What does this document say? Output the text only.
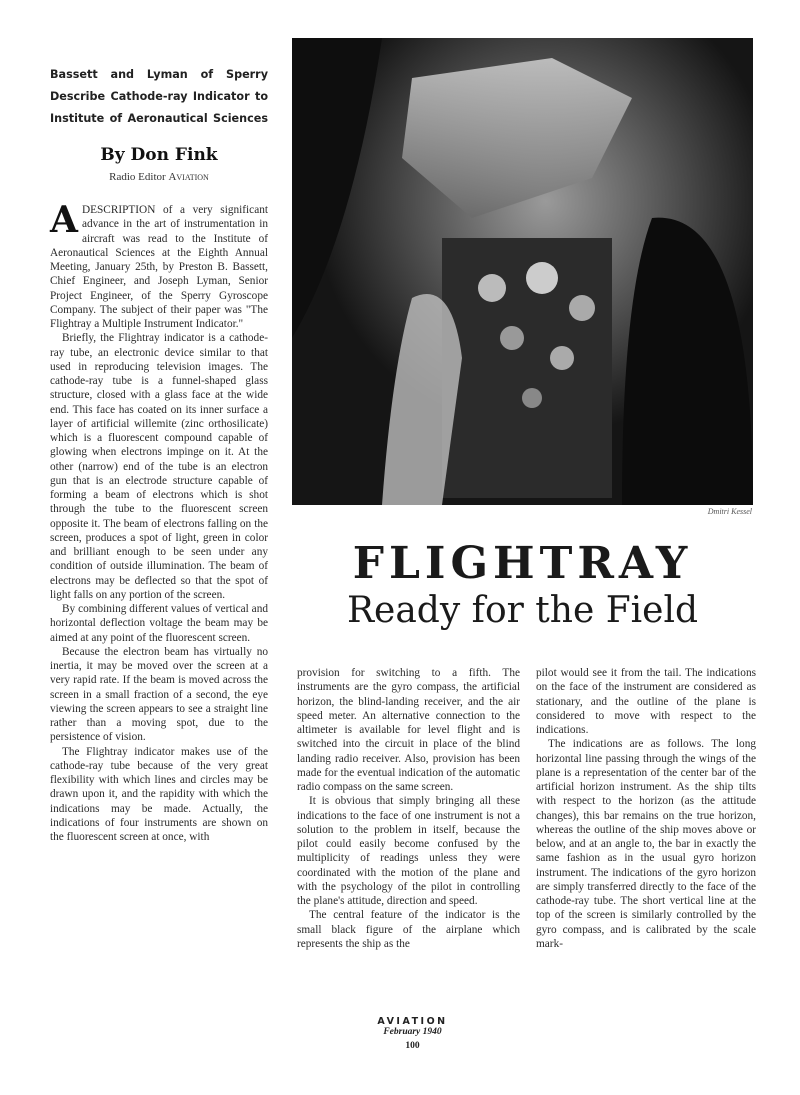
Bassett and Lyman of Sperry Describe Cathode-ray Indicator to Institute of Aeronautical Sciences
By Don Fink
Radio Editor Aviation
A DESCRIPTION of a very significant advance in the art of instrumentation in aircraft was read to the Institute of Aeronautical Sciences at the Eighth Annual Meeting, January 25th, by Preston B. Bassett, Chief Engineer, and Joseph Lyman, Senior Project Engineer, of the Sperry Gyroscope Company. The subject of their paper was "The Flightray a Multiple Instrument Indicator."

Briefly, the Flightray indicator is a cathode-ray tube, an electronic device similar to that used in reproducing television images. The cathode-ray tube is a funnel-shaped glass structure, closed with a glass face at the wide end. This face has coated on its inner surface a layer of artificial willemite (zinc orthosilicate) which is a fluorescent compound capable of glowing when electrons impinge on it. At the other (narrow) end of the tube is an electron gun that is an electrode structure capable of forming a beam of electrons which is shot through the tube to the fluorescent screen opposite it. The beam of electrons falling on the screen, produces a spot of light, green in color and brilliant enough to be seen under any condition of outside illumination. The beam of electrons may be deflected so that the spot of light falls on any portion of the screen.

By combining different values of vertical and horizontal deflection voltage the beam may be aimed at any point of the fluorescent screen.

Because the electron beam has virtually no inertia, it may be moved over the screen at a very rapid rate. If the beam is moved across the screen in a small fraction of a second, the eye viewing the screen appears to see a straight line rather than a moving spot, due to the persistence of vision.

The Flightray indicator makes use of the cathode-ray tube because of the very great flexibility with which lines and circles may be drawn upon it, and the rapidity with which the indications may be made. Actually, the indications of four instruments are shown on the fluorescent screen at once, with

Dmitri Kessel
FLIGHTRAY
Ready for the Field

provision for switching to a fifth. The instruments are the gyro compass, the artificial horizon, the blind-landing receiver, and the air speed meter. An alternative connection to the altimeter is available for level flight and is switched into the circuit in place of the blind landing radio receiver. Also, provision has been made for the eventual indication of the automatic radio compass on the same screen.

It is obvious that simply bringing all these indications to the face of one instrument is not a solution to the problem in itself, because the pilot could easily become confused by the multiplicity of readings unless they were coordinated with the motion of the plane and with the psychology of the pilot in controlling the plane's attitude, direction and speed.

The central feature of the indicator is the small black figure of the airplane which represents the ship as the

pilot would see it from the tail. The indications on the face of the instrument are considered as stationary, and the outline of the plane is considered to move with respect to the indications.

The indications are as follows. The long horizontal line passing through the wings of the plane is a representation of the center bar of the artificial horizon instrument. As the ship tilts with respect to the horizon (as the attitude changes), this bar remains on the true horizon, whereas the outline of the ship moves above or below, and at an angle to, the bar in exactly the same fashion as in the usual gyro horizon instrument. The indications of the gyro horizon are simply transferred directly to the face of the cathode-ray tube. The short vertical line at the top of the screen is similarly controlled by the gyro compass, and is calibrated by the scale mark-

AVIATION
February 1940
100
